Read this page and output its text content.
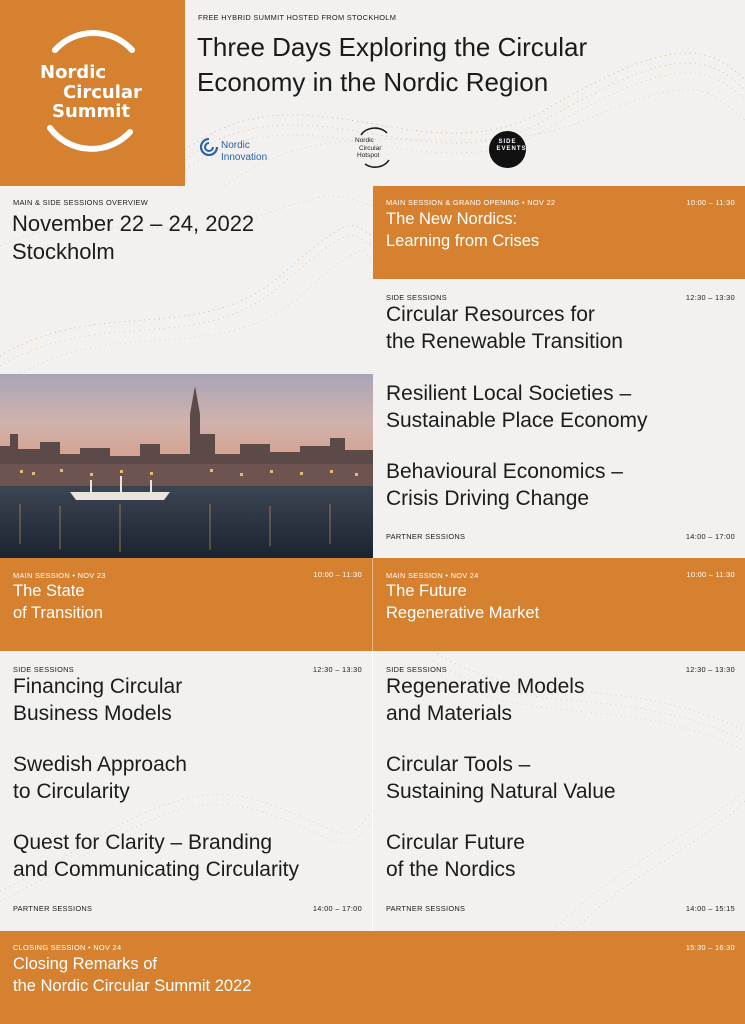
Nordic
Circular
Summit
FREE HYBRID SUMMIT HOSTED FROM STOCKHOLM
Three Days Exploring the Circular
Economy in the Nordic Region
Nordic
Innovation
Nordic
Circular
Hotspot
SIDE EVENTS
MAIN & SIDE SESSIONS OVERVIEW
November 22 – 24, 2022
Stockholm
MAIN SESSION & GRAND OPENING • NOV 22	10:00 – 11:30
The New Nordics:
Learning from Crises
SIDE SESSIONS	12:30 – 13:30
Circular Resources for
the Renewable Transition
Resilient Local Societies –
Sustainable Place Economy
Behavioural Economics –
Crisis Driving Change
PARTNER SESSIONS	14:00 – 17:00
MAIN SESSION • NOV 23	10:00 – 11:30
The State
of Transition
MAIN SESSION • NOV 24	10:00 – 11:30
The Future
Regenerative Market
SIDE SESSIONS	12:30 – 13:30
Financing Circular
Business Models
Swedish Approach
to Circularity
Quest for Clarity – Branding
and Communicating Circularity
PARTNER SESSIONS	14:00 – 17:00
SIDE SESSIONS	12:30 – 13:30
Regenerative Models
and Materials
Circular Tools –
Sustaining Natural Value
Circular Future
of the Nordics
PARTNER SESSIONS	14:00 – 15:15
CLOSING SESSION • NOV 24	15:30 – 16:30
Closing Remarks of
the Nordic Circular Summit 2022
